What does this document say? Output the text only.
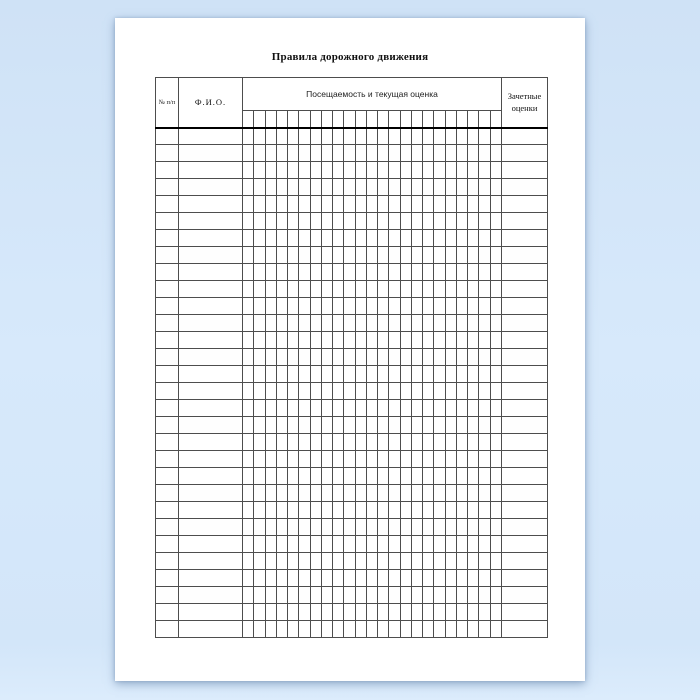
Правила дорожного движения
№ п/п	Ф.И.О.	Посещаемость и текущая оценка																							Зачетные оценки
